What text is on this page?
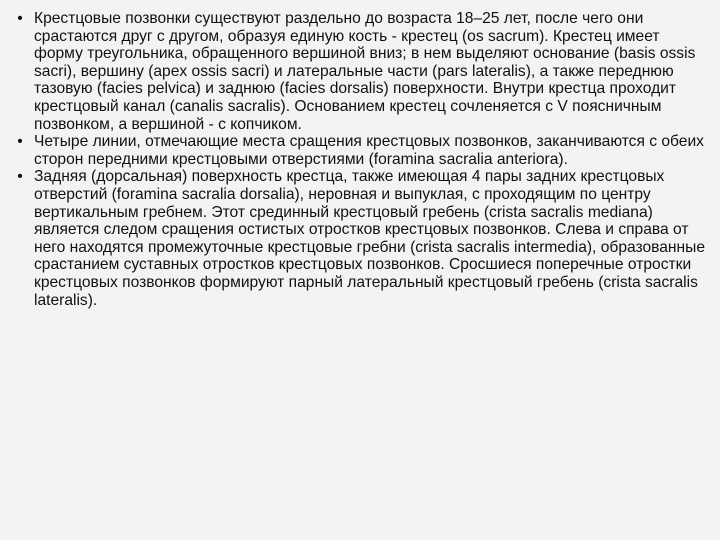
• Крестцовые позвонки существуют раздельно до возраста 18–25 лет, после чего они срастаются друг с другом, образуя единую кость - крестец (os sacrum). Крестец имеет форму треугольника, обращенного вершиной вниз; в нем выделяют основание (basis ossis sacri), вершину (apex ossis sacri) и латеральные части (pars lateralis), а также переднюю тазовую (facies pelvica) и заднюю (facies dorsalis) поверхности. Внутри крестца проходит крестцовый канал (canalis sacralis). Основанием крестец сочленяется с V поясничным позвонком, а вершиной - с копчиком.
• Четыре линии, отмечающие места сращения крестцовых позвонков, заканчиваются с обеих сторон передними крестцовыми отверстиями (foramina sacralia anteriora).
• Задняя (дорсальная) поверхность крестца, также имеющая 4 пары задних крестцовых отверстий (foramina sacralia dorsalia), неровная и выпуклая, с проходящим по центру вертикальным гребнем. Этот срединный крестцовый гребень (crista sacralis mediana) является следом сращения остистых отростков крестцовых позвонков. Слева и справа от него находятся промежуточные крестцовые гребни (crista sacralis intermedia), образованные срастанием суставных отростков крестцовых позвонков. Сросшиеся поперечные отростки крестцовых позвонков формируют парный латеральный крестцовый гребень (crista sacralis lateralis).
